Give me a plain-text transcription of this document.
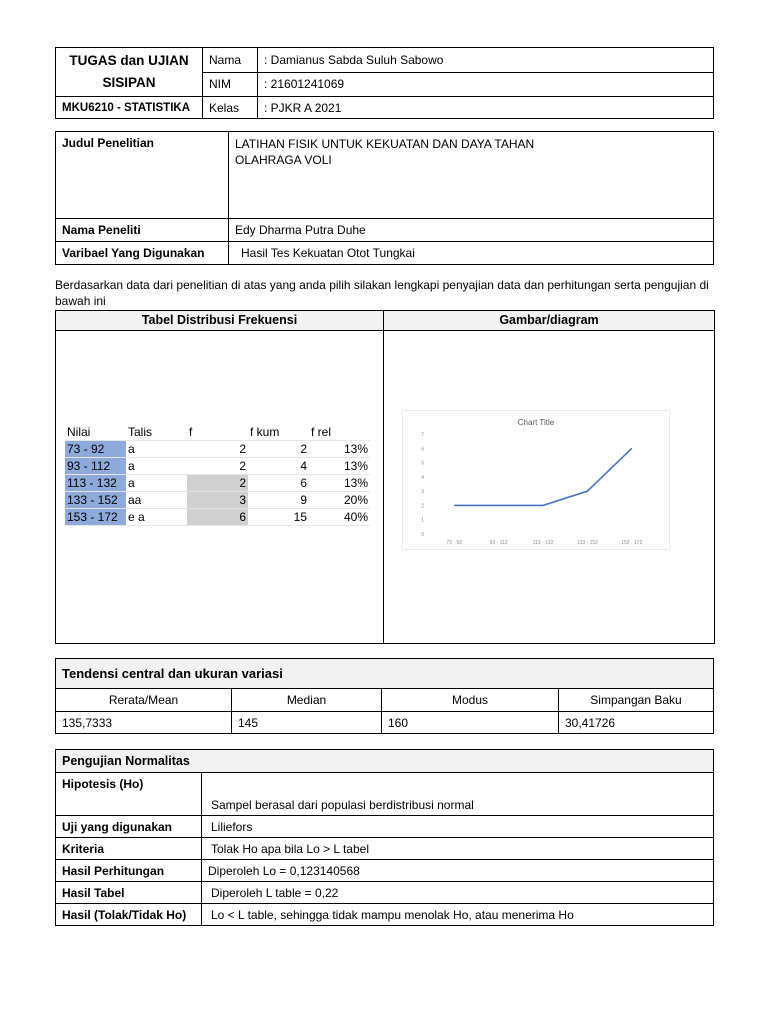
TUGAS dan UJIAN SISIPAN	Nama	: Damianus Sabda Suluh Sabowo
	NIM	: 21601241069
MKU6210 - STATISTIKA	Kelas	: PJKR A 2021
Judul Penelitian	LATIHAN FISIK UNTUK KEKUATAN DAN DAYA TAHAN OLAHRAGA VOLI

Nama Peneliti	Edy Dharma Putra Duhe
Varibael Yang Digunakan	Hasil Tes Kekuatan Otot Tungkai
Berdasarkan data dari penelitian di atas yang anda pilih silakan lengkapi penyajian data dan perhitungan serta pengujian di bawah ini
Tabel Distribusi Frekuensi	Gambar/diagram
Nilai	Talis	f	f kum	f rel
73 - 92	a	2	2	13%
93 - 112	a	2	4	13%
113 - 132	a	2	6	13%
133 - 152	aa	3	9	20%
153 - 172	e a	6	15	40%
Chart Title
0
1
2
3
4
5
6
7
73 - 92	93 - 112	113 - 132	133 - 152	153 - 172
Tendensi central dan ukuran variasi			
Rerata/Mean	Median	Modus	Simpangan Baku
135,7333	145	160	30,41726
Pengujian Normalitas	
Hipotesis (Ho)	Sampel berasal dari populasi berdistribusi normal
Uji yang digunakan	Liliefors
Kriteria	Tolak Ho apa bila Lo > L tabel
Hasil Perhitungan	Diperoleh Lo = 0,123140568
Hasil Tabel	Diperoleh L table = 0,22
Hasil (Tolak/Tidak Ho)	Lo < L table, sehingga tidak mampu menolak Ho, atau menerima Ho
